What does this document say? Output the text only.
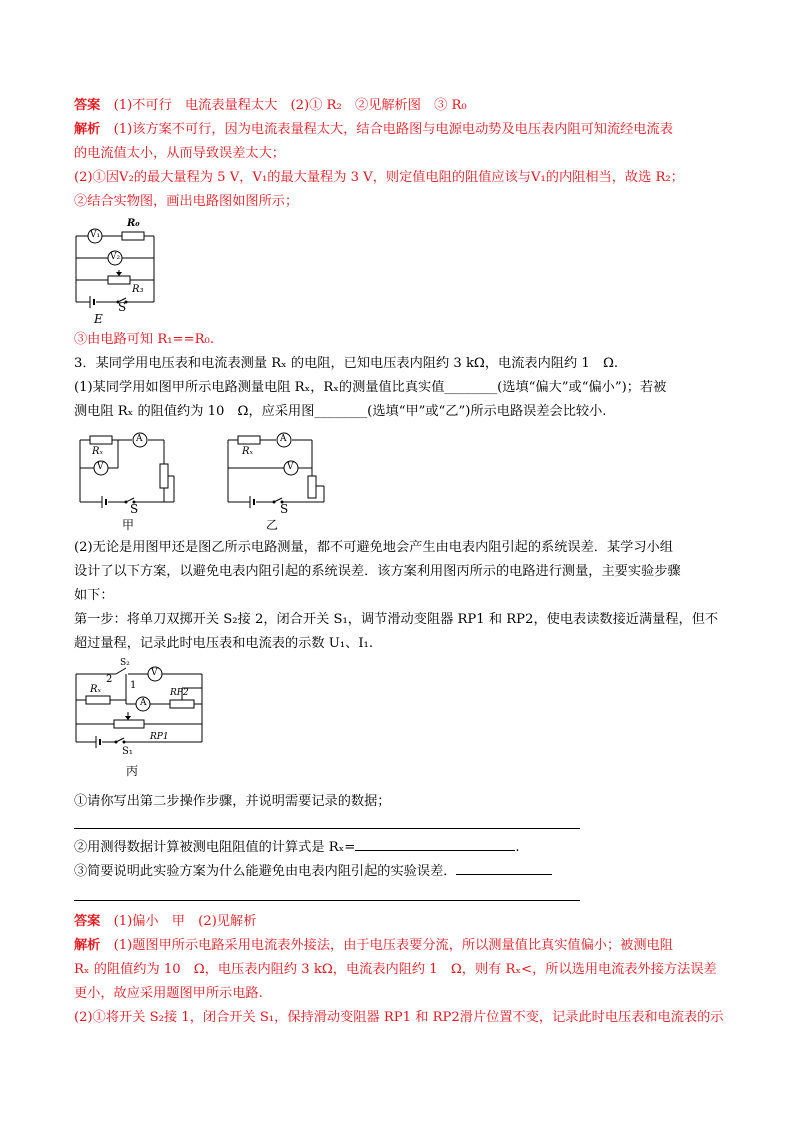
答案　 (1)不可行　电流表量程太大　(2)① R₂　②见解析图　③ R₀
解析　 (1)该方案不可行，因为电流表量程太大，结合电路图与电源电动势及电压表内阻可知流经电流表
的电流值太小，从而导致误差太大；
(2)①因V₂的最大量程为 5 V，V₁的最大量程为 3 V，则定值电阻的阻值应该与V₁的内阻相当，故选 R₂；
②结合实物图，画出电路图如图所示；
V₁
R₀
V₂
R₃
S
E
③由电路可知 R₁==R₀.
3．某同学用电压表和电流表测量 Rₓ 的电阻，已知电压表内阻约 3 kΩ，电流表内阻约 1　Ω.
(1)某同学用如图甲所示电路测量电阻 Rₓ，Rₓ的测量值比真实值________(选填“偏大”或“偏小”)；若被
测电阻 Rₓ 的阻值约为 10　Ω，应采用图________(选填“甲”或“乙”)所示电路误差会比较小.
A
V
Rₓ
S
甲
A
V
Rₓ
S
乙
(2)无论是用图甲还是图乙所示电路测量，都不可避免地会产生由电表内阻引起的系统误差．某学习小组
设计了以下方案，以避免电表内阻引起的系统误差．该方案利用图丙所示的电路进行测量，主要实验步骤
如下：
第一步：将单刀双掷开关 S₂接 2，闭合开关 S₁，调节滑动变阻器 RP1 和 RP2，使电表读数接近满量程，但不
超过量程，记录此时电压表和电流表的示数 U₁、I₁.
S₂
2
1
V
A
Rₓ	RP2
RP1
S₁
丙
①请你写出第二步操作步骤，并说明需要记录的数据；
②用测得数据计算被测电阻阻值的计算式是 Rₓ=	.
③简要说明此实验方案为什么能避免由电表内阻引起的实验误差．
答案　 (1)偏小　甲　(2)见解析
解析　 (1)题图甲所示电路采用电流表外接法，由于电压表要分流，所以测量值比真实值偏小；被测电阻
Rₓ 的阻值约为 10　Ω，电压表内阻约 3 kΩ，电流表内阻约 1　Ω，则有 Rₓ<，所以选用电流表外接方法误差
更小，故应采用题图甲所示电路.
(2)①将开关 S₂接 1，闭合开关 S₁，保持滑动变阻器 RP1 和 RP2滑片位置不变，记录此时电压表和电流表的示
